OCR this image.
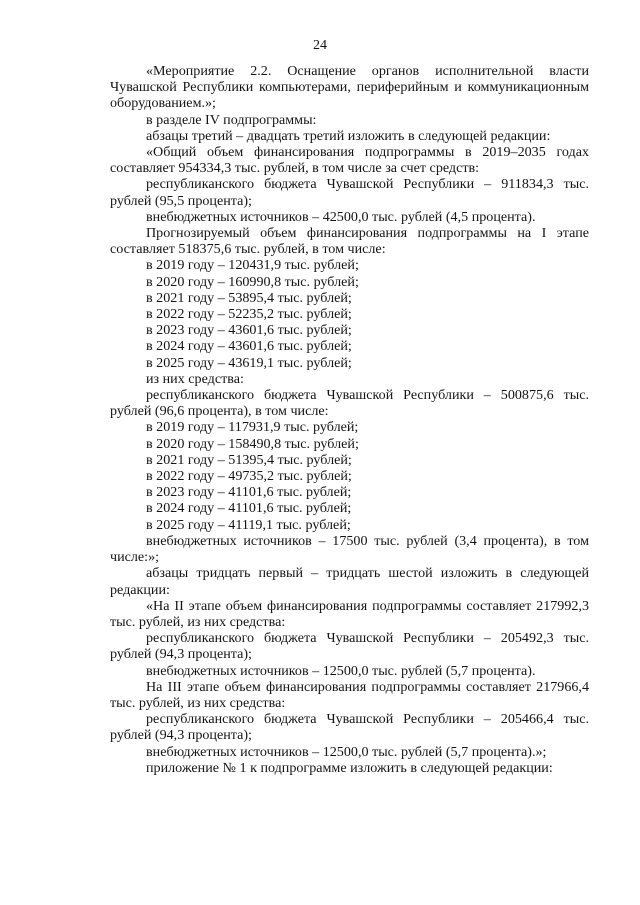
24

«Мероприятие 2.2. Оснащение органов исполнительной власти Чувашской Республики компьютерами, периферийным и коммуникационным оборудованием.»;

в разделе IV подпрограммы:

абзацы третий – двадцать третий изложить в следующей редакции:

«Общий объем финансирования подпрограммы в 2019–2035 годах составляет 954334,3 тыс. рублей, в том числе за счет средств:

республиканского бюджета Чувашской Республики – 911834,3 тыс. рублей (95,5 процента);

внебюджетных источников – 42500,0 тыс. рублей (4,5 процента).

Прогнозируемый объем финансирования подпрограммы на I этапе составляет 518375,6 тыс. рублей, в том числе:

в 2019 году – 120431,9 тыс. рублей;

в 2020 году – 160990,8 тыс. рублей;

в 2021 году – 53895,4 тыс. рублей;

в 2022 году – 52235,2 тыс. рублей;

в 2023 году – 43601,6 тыс. рублей;

в 2024 году – 43601,6 тыс. рублей;

в 2025 году – 43619,1 тыс. рублей;

из них средства:

республиканского бюджета Чувашской Республики – 500875,6 тыс. рублей (96,6 процента), в том числе:

в 2019 году – 117931,9 тыс. рублей;

в 2020 году – 158490,8 тыс. рублей;

в 2021 году – 51395,4 тыс. рублей;

в 2022 году – 49735,2 тыс. рублей;

в 2023 году – 41101,6 тыс. рублей;

в 2024 году – 41101,6 тыс. рублей;

в 2025 году – 41119,1 тыс. рублей;

внебюджетных источников – 17500 тыс. рублей (3,4 процента), в том числе:»;

абзацы тридцать первый – тридцать шестой изложить в следующей редакции:

«На II этапе объем финансирования подпрограммы составляет 217992,3 тыс. рублей, из них средства:

республиканского бюджета Чувашской Республики – 205492,3 тыс. рублей (94,3 процента);

внебюджетных источников – 12500,0 тыс. рублей (5,7 процента).

На III этапе объем финансирования подпрограммы составляет 217966,4 тыс. рублей, из них средства:

республиканского бюджета Чувашской Республики – 205466,4 тыс. рублей (94,3 процента);

внебюджетных источников – 12500,0 тыс. рублей (5,7 процента).»;

приложение № 1 к подпрограмме изложить в следующей редакции:
